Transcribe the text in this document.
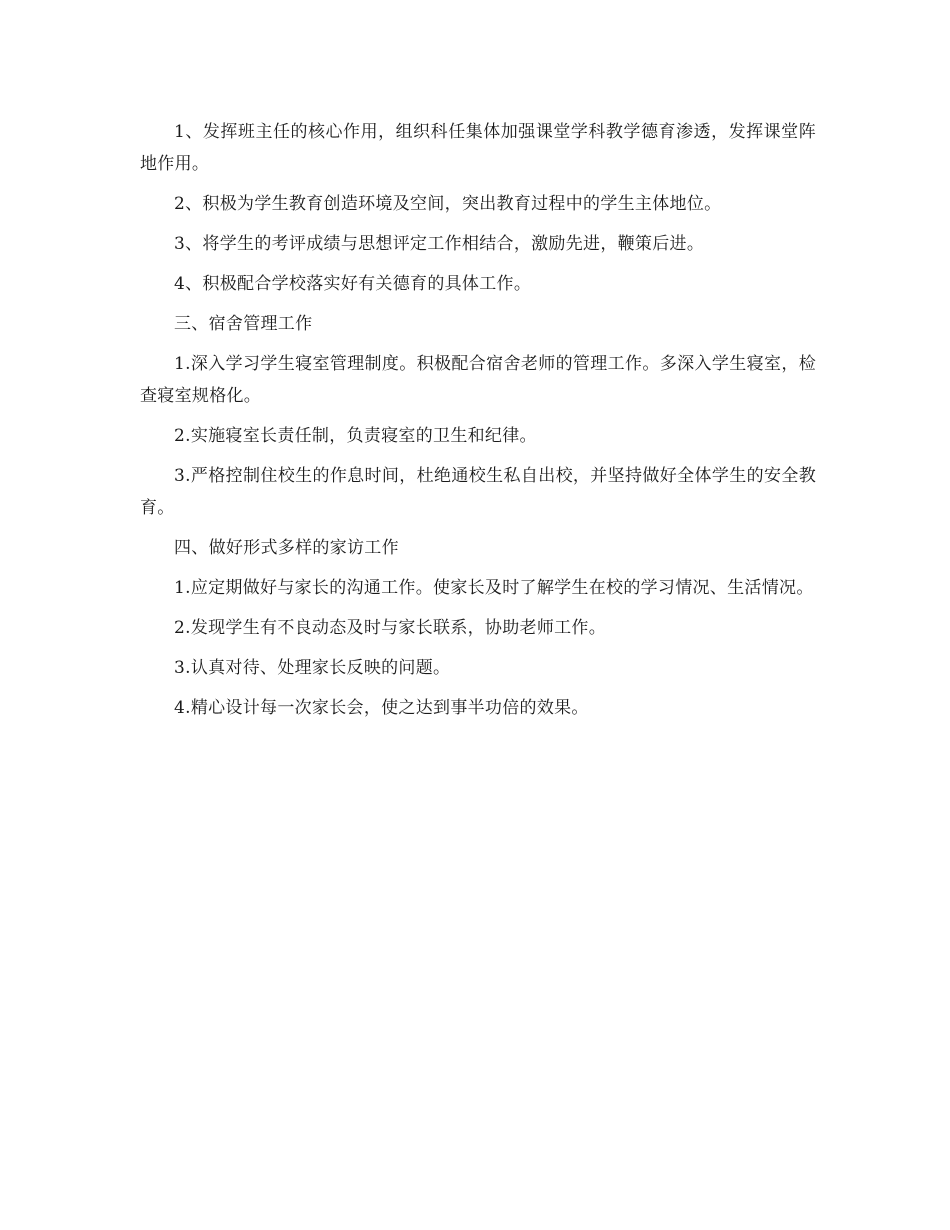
1、发挥班主任的核心作用，组织科任集体加强课堂学科教学德育渗透，发挥课堂阵地作用。

2、积极为学生教育创造环境及空间，突出教育过程中的学生主体地位。

3、将学生的考评成绩与思想评定工作相结合，激励先进，鞭策后进。

4、积极配合学校落实好有关德育的具体工作。

三、宿舍管理工作

1.深入学习学生寝室管理制度。积极配合宿舍老师的管理工作。多深入学生寝室，检查寝室规格化。

2.实施寝室长责任制，负责寝室的卫生和纪律。

3.严格控制住校生的作息时间，杜绝通校生私自出校，并坚持做好全体学生的安全教育。

四、做好形式多样的家访工作

1.应定期做好与家长的沟通工作。使家长及时了解学生在校的学习情况、生活情况。

2.发现学生有不良动态及时与家长联系，协助老师工作。

3.认真对待、处理家长反映的问题。

4.精心设计每一次家长会，使之达到事半功倍的效果。
